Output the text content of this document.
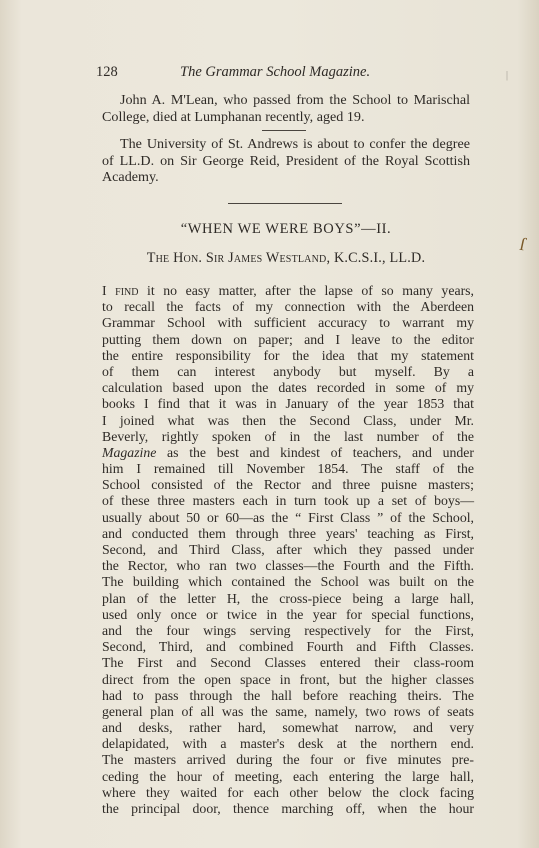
128	The Grammar School Magazine.

John A. M'Lean, who passed from the School to Marischal College, died at Lumphanan recently, aged 19.

The University of St. Andrews is about to confer the degree of LL.D. on Sir George Reid, President of the Royal Scottish Academy.

“WHEN WE WERE BOYS”—II.

The Hon. Sir James Westland, K.C.S.I., LL.D.

I find it no easy matter, after the lapse of so many years,
to recall the facts of my connection with the Aberdeen
Grammar School with sufficient accuracy to warrant my
putting them down on paper; and I leave to the editor
the entire responsibility for the idea that my statement
of them can interest anybody but myself. By a
calculation based upon the dates recorded in some of my
books I find that it was in January of the year 1853 that
I joined what was then the Second Class, under Mr.
Beverly, rightly spoken of in the last number of the
Magazine as the best and kindest of teachers, and under
him I remained till November 1854. The staff of the
School consisted of the Rector and three puisne masters;
of these three masters each in turn took up a set of boys—
usually about 50 or 60—as the “ First Class ” of the School,
and conducted them through three years' teaching as First,
Second, and Third Class, after which they passed under
the Rector, who ran two classes—the Fourth and the Fifth.
The building which contained the School was built on the
plan of the letter H, the cross-piece being a large hall,
used only once or twice in the year for special functions,
and the four wings serving respectively for the First,
Second, Third, and combined Fourth and Fifth Classes.
The First and Second Classes entered their class-room
direct from the open space in front, but the higher classes
had to pass through the hall before reaching theirs. The
general plan of all was the same, namely, two rows of seats
and desks, rather hard, somewhat narrow, and very
delapidated, with a master's desk at the northern end.
The masters arrived during the four or five minutes pre-
ceding the hour of meeting, each entering the large hall,
where they waited for each other below the clock facing
the principal door, thence marching off, when the hour
ſ
|
